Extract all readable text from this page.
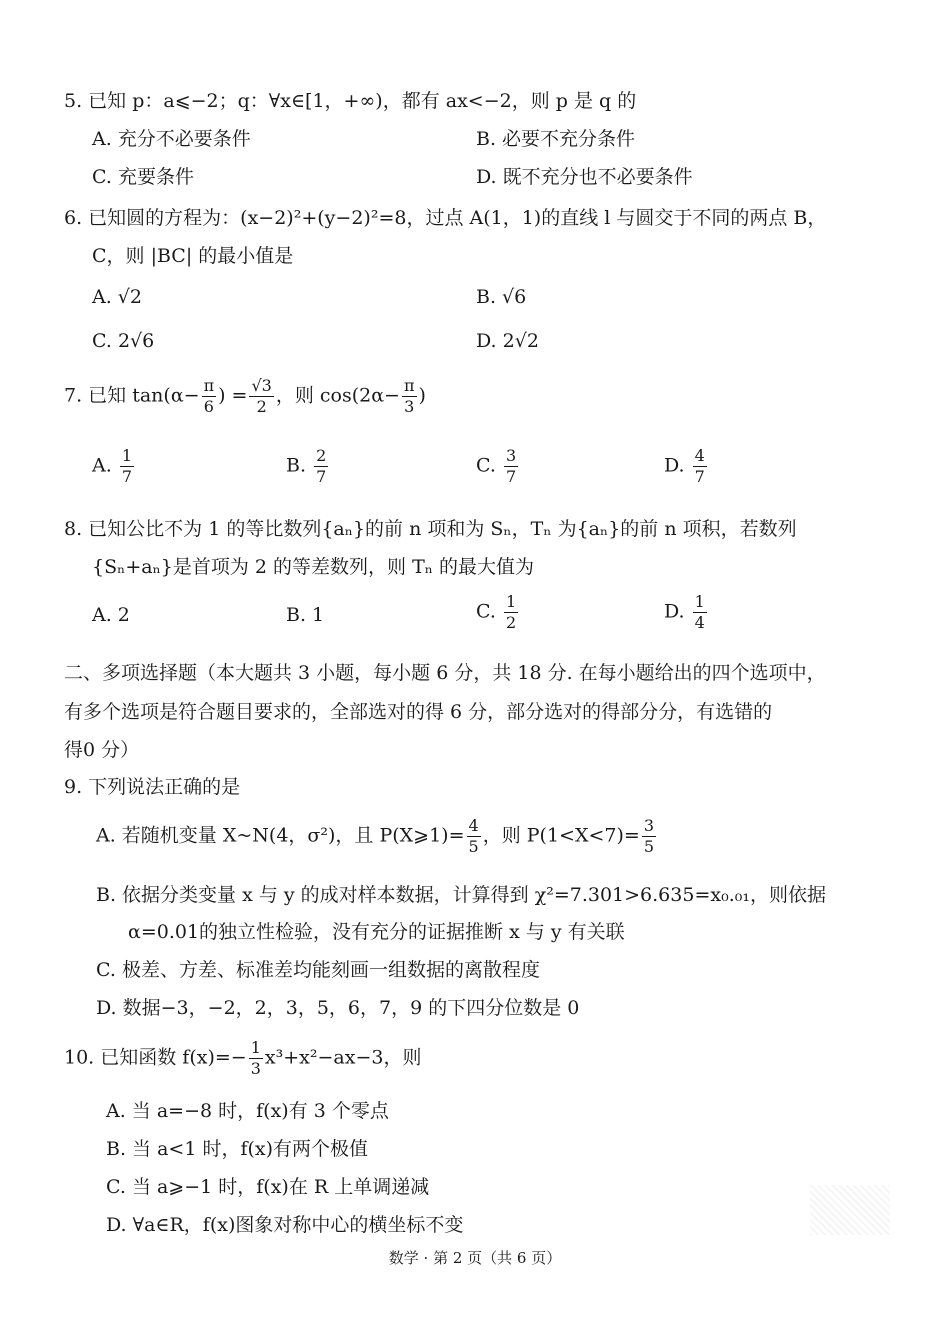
5. 已知 p：a⩽−2；q：∀x∈[1，+∞)，都有 ax<−2，则 p 是 q 的
A. 充分不必要条件	B. 必要不充分条件
C. 充要条件	D. 既不充分也不必要条件
6. 已知圆的方程为：(x−2)²+(y−2)²=8，过点 A(1，1)的直线 l 与圆交于不同的两点 B，
C，则 |BC| 的最小值是
A. √2	B. √6
C. 2√6	D. 2√2
7. 已知 $\tan(\alpha- \frac{\pi}{6}$ ) = $\frac{√3}{2}$ ，则 $\cos(2\alpha- \frac{\pi}{3}$ )
A. $\frac{1}{7}$	B. $\frac{2}{7}$	C. $\frac{3}{7}$	D. $\frac{4}{7}$
8. 已知公比不为 1 的等比数列{aₙ}的前 n 项和为 Sₙ，Tₙ 为{aₙ}的前 n 项积，若数列
{Sₙ+aₙ}是首项为 2 的等差数列，则 Tₙ 的最大值为
A. 2	B. 1	C. $\frac{1}{2}$	D. $\frac{1}{4}$
二、多项选择题（本大题共 3 小题，每小题 6 分，共 18 分. 在每小题给出的四个选项中，
有多个选项是符合题目要求的，全部选对的得 6 分，部分选对的得部分分，有选错的
得0 分）
9. 下列说法正确的是
A. 若随机变量 X~N(4，σ²)，且 P(X⩾1)= $\frac{4}{5}$ ，则 $P(1<X<7)= \frac{3}{5}$
B. 依据分类变量 x 与 y 的成对样本数据，计算得到 χ²=7.301>6.635=x₀.₀₁，则依据
α=0.01的独立性检验，没有充分的证据推断 x 与 y 有关联
C. 极差、方差、标准差均能刻画一组数据的离散程度
D. 数据−3，−2，2，3，5，6，7，9 的下四分位数是 0
10. 已知函数 $f(x)=- \frac{1}{3} x^3+x^2-ax-3$，则
A. 当 a=−8 时，f(x)有 3 个零点
B. 当 a<1 时，f(x)有两个极值
C. 当 a⩾−1 时，f(x)在 R 上单调递减
D. ∀a∈R，f(x)图象对称中心的横坐标不变
数学 · 第 2 页（共 6 页）
